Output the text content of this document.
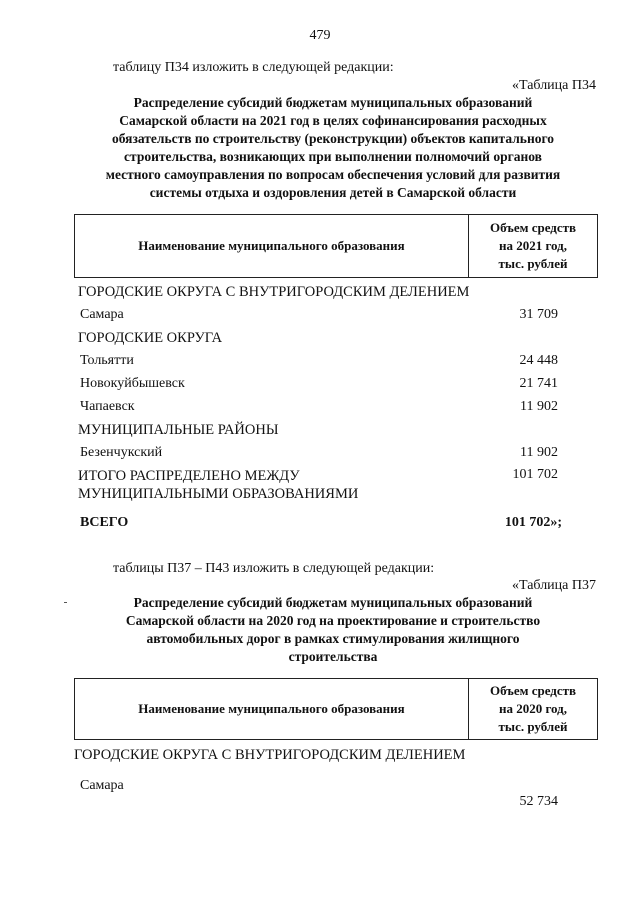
479
таблицу П34 изложить в следующей редакции:
«Таблица П34
Распределение субсидий бюджетам муниципальных образований
Самарской области на 2021 год в целях софинансирования расходных
обязательств по строительству (реконструкции) объектов капитального
строительства, возникающих при выполнении полномочий органов
местного самоуправления по вопросам обеспечения условий для развития
системы отдыха и оздоровления детей в Самарской области
Наименование муниципального образования
Объем средств
на 2021 год,
тыс. рублей
ГОРОДСКИЕ ОКРУГА С ВНУТРИГОРОДСКИМ ДЕЛЕНИЕМ
Самара	31 709
ГОРОДСКИЕ ОКРУГА
Тольятти	24 448
Новокуйбышевск	21 741
Чапаевск	11 902
МУНИЦИПАЛЬНЫЕ РАЙОНЫ
Безенчукский	11 902
ИТОГО РАСПРЕДЕЛЕНО МЕЖДУ
МУНИЦИПАЛЬНЫМИ ОБРАЗОВАНИЯМИ
101 702
ВСЕГО	101 702»;
таблицы П37 – П43 изложить в следующей редакции:
«Таблица П37
Распределение субсидий бюджетам муниципальных образований
Самарской области на 2020 год на проектирование и строительство
автомобильных дорог в рамках стимулирования жилищного
строительства
Наименование муниципального образования
Объем средств
на 2020 год,
тыс. рублей
ГОРОДСКИЕ ОКРУГА С ВНУТРИГОРОДСКИМ ДЕЛЕНИЕМ
Самара
52 734
